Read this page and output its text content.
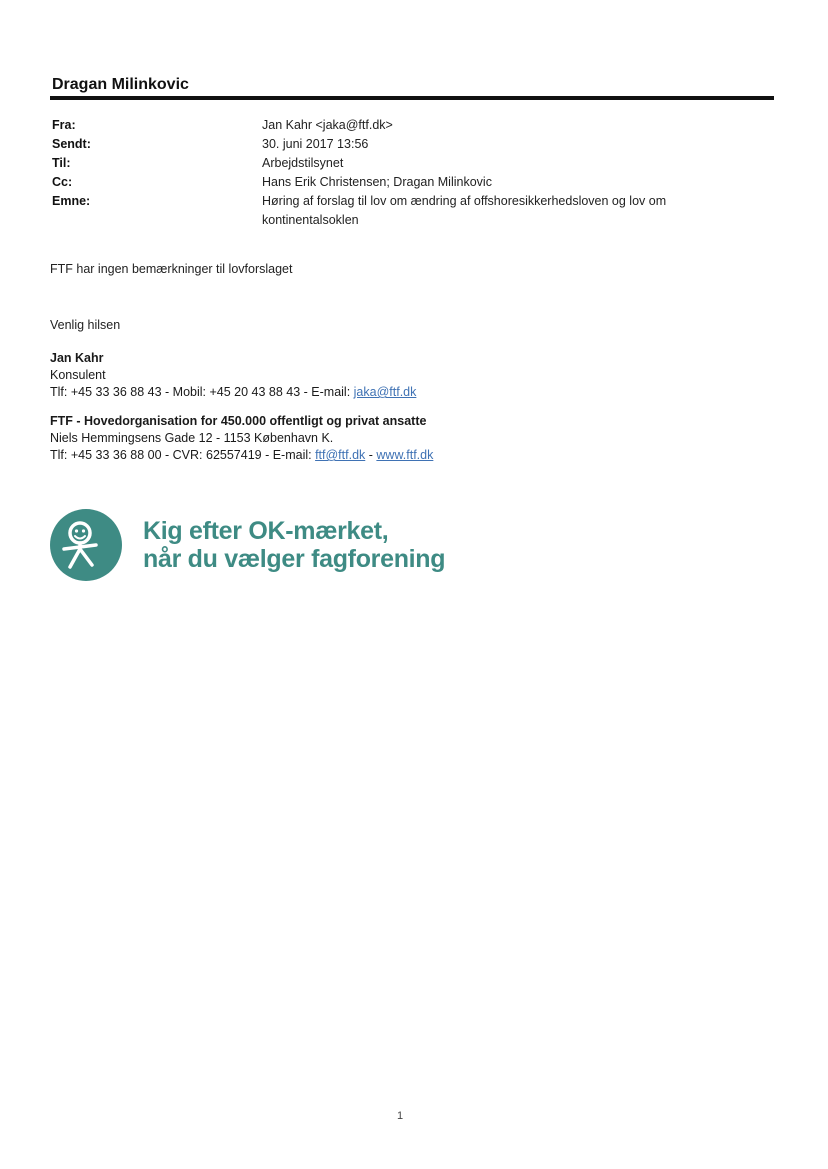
Dragan Milinkovic
Fra:	Jan Kahr <jaka@ftf.dk>
Sendt:	30. juni 2017 13:56
Til:	Arbejdstilsynet
Cc:	Hans Erik Christensen; Dragan Milinkovic
Emne:	Høring af forslag til lov om ændring af offshoresikkerhedsloven og lov om kontinentalsoklen
FTF har ingen bemærkninger til lovforslaget
Venlig hilsen
Jan Kahr
Konsulent
Tlf: +45 33 36 88 43 - Mobil: +45 20 43 88 43 - E-mail: jaka@ftf.dk
FTF - Hovedorganisation for 450.000 offentligt og privat ansatte
Niels Hemmingsens Gade 12 - 1153 København K.
Tlf: +45 33 36 88 00 - CVR: 62557419 - E-mail: ftf@ftf.dk - www.ftf.dk
Kig efter OK-mærket,
når du vælger fagforening
1
